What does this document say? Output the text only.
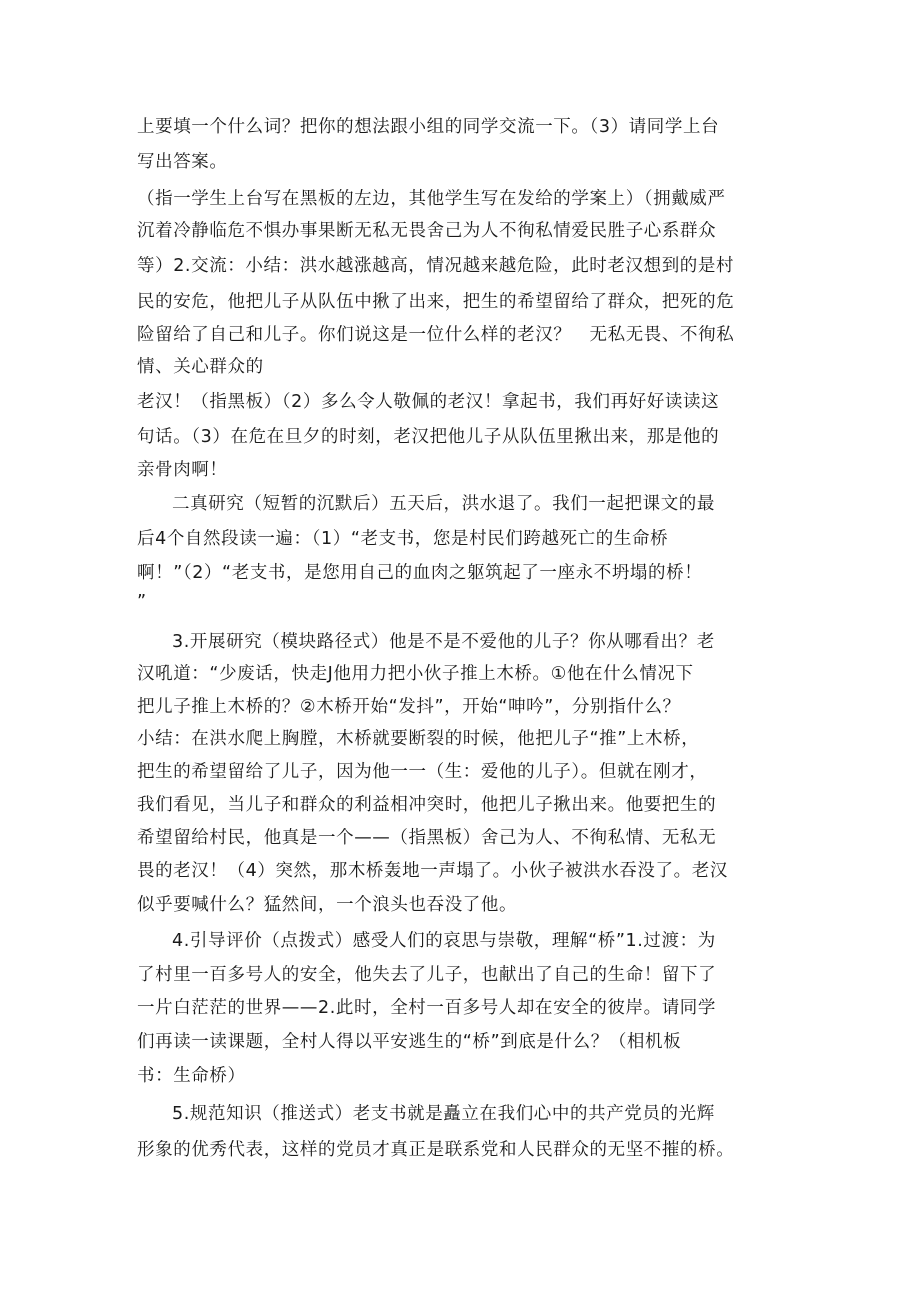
上要填一个什么词？把你的想法跟小组的同学交流一下。（3）请同学上台

写出答案。

（指一学生上台写在黑板的左边，其他学生写在发给的学案上）（拥戴威严

沉着冷静临危不惧办事果断无私无畏舍己为人不徇私情爱民胜子心系群众

等）2.交流：小结：洪水越涨越高，情况越来越危险，此时老汉想到的是村

民的安危，他把儿子从队伍中揪了出来，把生的希望留给了群众，把死的危

险留给了自己和儿子。你们说这是一位什么样的老汉？　无私无畏、不徇私

情、关心群众的

老汉！（指黑板）（2）多么令人敬佩的老汉！拿起书，我们再好好读读这

句话。（3）在危在旦夕的时刻，老汉把他儿子从队伍里揪出来，那是他的

亲骨肉啊！

二真研究（短暂的沉默后）五天后，洪水退了。我们一起把课文的最

后4个自然段读一遍：（1）“老支书，您是村民们跨越死亡的生命桥

啊！”（2）“老支书，是您用自己的血肉之躯筑起了一座永不坍塌的桥！

”

3.开展研究（模块路径式）他是不是不爱他的儿子？你从哪看出？老

汉吼道：“少废话，快走J他用力把小伙子推上木桥。①他在什么情况下

把儿子推上木桥的？②木桥开始“发抖”，开始“呻吟”，分别指什么？

小结：在洪水爬上胸膛，木桥就要断裂的时候，他把儿子“推”上木桥，

把生的希望留给了儿子，因为他一一（生：爱他的儿子）。但就在刚才，

我们看见，当儿子和群众的利益相冲突时，他把儿子揪出来。他要把生的

希望留给村民，他真是一个——（指黑板）舍己为人、不徇私情、无私无

畏的老汉！（4）突然，那木桥轰地一声塌了。小伙子被洪水吞没了。老汉

似乎要喊什么？猛然间，一个浪头也吞没了他。

4.引导评价（点拨式）感受人们的哀思与崇敬，理解“桥”1.过渡：为

了村里一百多号人的安全，他失去了儿子，也献出了自己的生命！留下了

一片白茫茫的世界——2.此时，全村一百多号人却在安全的彼岸。请同学

们再读一读课题，全村人得以平安逃生的“桥”到底是什么？（相机板

书：生命桥）

5.规范知识（推送式）老支书就是矗立在我们心中的共产党员的光辉

形象的优秀代表，这样的党员才真正是联系党和人民群众的无坚不摧的桥。
